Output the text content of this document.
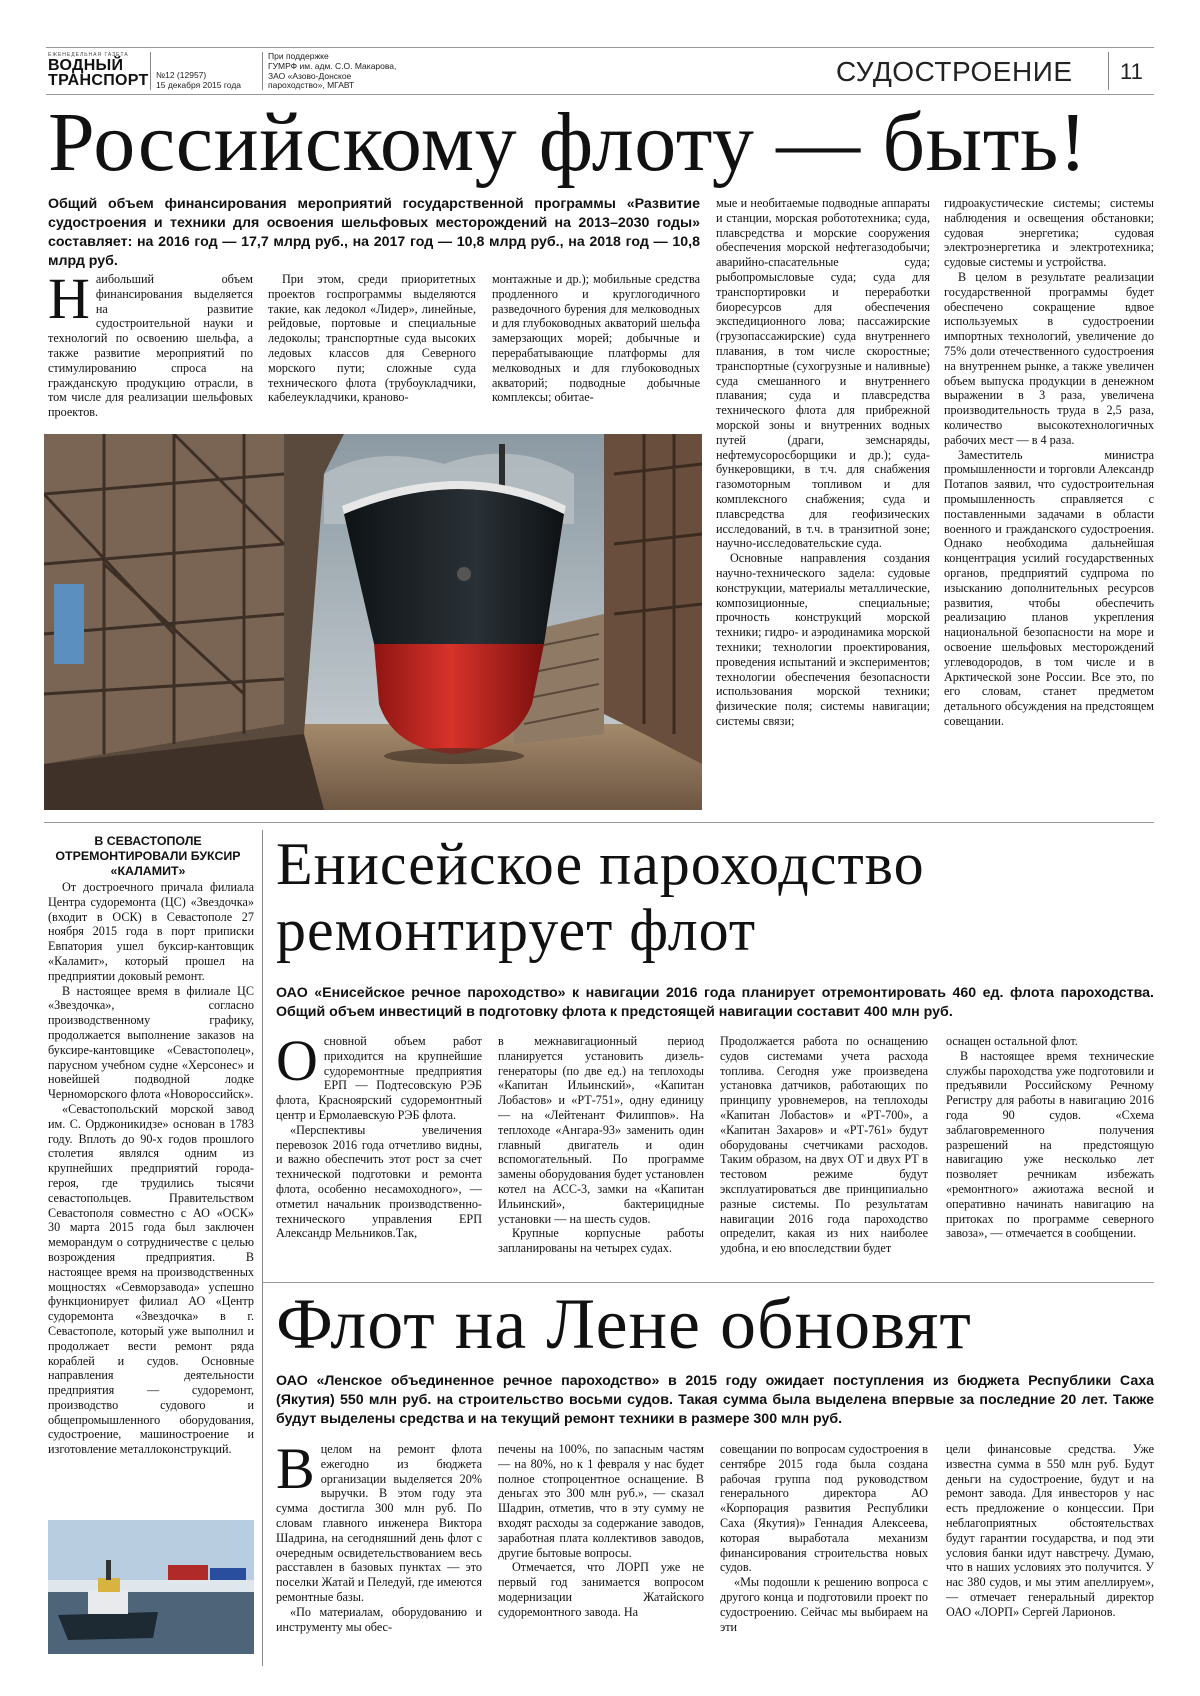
ЕЖЕНЕДЕЛЬНАЯ ГАЗЕТА
ВОДНЫЙ
ТРАНСПОРТ №12 (12957)
15 декабря 2015 года
При поддержке
ГУМРФ им. адм. С.О. Макарова,
ЗАО «Азово-Донское
пароходство», МГАВТ	СУДОСТРОЕНИЕ 11
Российскому флоту — быть!
Общий объем финансирования мероприятий государственной программы «Развитие судостроения и техники для освоения шельфовых месторождений на 2013–2030 годы» составляет: на 2016 год — 17,7 млрд руб., на 2017 год — 10,8 млрд руб., на 2018 год — 10,8 млрд руб.

Наибольший объем финансирования выделяется на развитие судостроительной науки и технологий по освоению шельфа, а также развитие мероприятий по стимулированию спроса на гражданскую продукцию отрасли, в том числе для реализации шельфовых проектов.

При этом, среди приоритетных проектов госпрограммы выделяются такие, как ледокол «Лидер», линейные, рейдовые, портовые и специальные ледоколы; транспортные суда высоких ледовых классов для Северного морского пути; сложные суда технического флота (трубоукладчики, кабелеукладчики, краново-

монтажные и др.); мобильные средства продленного и круглогодичного разведочного бурения для мелководных и для глубоководных акваторий шельфа замерзающих морей; добычные и перерабатывающие платформы для мелководных и для глубоководных акваторий; подводные добычные комплексы; обитае-

мые и необитаемые подводные аппараты и станции, морская робототехника; суда, плавсредства и морские сооружения обеспечения морской нефтегазодобычи; аварийно-спасательные суда; рыбопромысловые суда; суда для транспортировки и переработки биоресурсов для обеспечения экспедиционного лова; пассажирские (грузопассажирские) суда внутреннего плавания, в том числе скоростные; транспортные (сухогрузные и наливные) суда смешанного и внутреннего плавания; суда и плавсредства технического флота для прибрежной морской зоны и внутренних водных путей (драги, земснаряды, нефтемусоросборщики и др.); суда-бункеровщики, в т.ч. для снабжения газомоторным топливом и для комплексного снабжения; суда и плавсредства для геофизических исследований, в т.ч. в транзитной зоне; научно-исследовательские суда.

Основные направления создания научно-технического задела: судовые конструкции, материалы металлические, композиционные, специальные; прочность конструкций морской техники; гидро- и аэродинамика морской техники; технологии проектирования, проведения испытаний и экспериментов; технологии обеспечения безопасности использования морской техники; физические поля; системы навигации; системы связи;

гидроакустические системы; системы наблюдения и освещения обстановки; судовая энергетика; судовая электроэнергетика и электротехника; судовые системы и устройства.

В целом в результате реализации государственной программы будет обеспечено сокращение вдвое используемых в судостроении импортных технологий, увеличение до 75% доли отечественного судостроения на внутреннем рынке, а также увеличен объем выпуска продукции в денежном выражении в 3 раза, увеличена производительность труда в 2,5 раза, количество высокотехнологичных рабочих мест — в 4 раза.

Заместитель министра промышленности и торговли Александр Потапов заявил, что судостроительная промышленность справляется с поставленными задачами в области военного и гражданского судостроения. Однако необходима дальнейшая концентрация усилий государственных органов, предприятий судпрома по изысканию дополнительных ресурсов развития, чтобы обеспечить реализацию планов укрепления национальной безопасности на море и освоение шельфовых месторождений углеводородов, в том числе и в Арктической зоне России. Все это, по его словам, станет предметом детального обсуждения на предстоящем совещании.

В СЕВАСТОПОЛЕ ОТРЕМОНТИРОВАЛИ БУКСИР «КАЛАМИТ»

От достроечного причала филиала Центра судоремонта (ЦС) «Звездочка» (входит в ОСК) в Севастополе 27 ноября 2015 года в порт приписки Евпатория ушел буксир-кантовщик «Каламит», который прошел на предприятии доковый ремонт.

В настоящее время в филиале ЦС «Звездочка», согласно производственному графику, продолжается выполнение заказов на буксире-кантовщике «Севастополец», парусном учебном судне «Херсонес» и новейшей подводной лодке Черноморского флота «Новороссийск».

«Севастопольский морской завод им. С. Орджоникидзе» основан в 1783 году. Вплоть до 90-х годов прошлого столетия являлся одним из крупнейших предприятий города-героя, где трудились тысячи севастопольцев. Правительством Севастополя совместно с АО «ОСК» 30 марта 2015 года был заключен меморандум о сотрудничестве с целью возрождения предприятия. В настоящее время на производственных мощностях «Севморзавода» успешно функционирует филиал АО «Центр судоремонта «Звездочка» в г. Севастополе, который уже выполнил и продолжает вести ремонт ряда кораблей и судов. Основные направления деятельности предприятия — судоремонт, производство судового и общепромышленного оборудования, судостроение, машиностроение и изготовление металлоконструкций.

Енисейское пароходство
ремонтирует флот
ОАО «Енисейское речное пароходство» к навигации 2016 года планирует отремонтировать 460 ед. флота пароходства. Общий объем инвестиций в подготовку флота к предстоящей навигации составит 400 млн руб.

Основной объем работ приходится на крупнейшие судоремонтные предприятия ЕРП — Подтесовскую РЭБ флота, Красноярский судоремонтный центр и Ермолаевскую РЭБ флота.

«Перспективы увеличения перевозок 2016 года отчетливо видны, и важно обеспечить этот рост за счет технической подготовки и ремонта флота, особенно несамоходного», — отметил начальник производственно-технического управления ЕРП Александр Мельников.Так,

в межнавигационный период планируется установить дизель-генераторы (по две ед.) на теплоходы «Капитан Ильинский», «Капитан Лобастов» и «РТ-751», одну единицу — на «Лейтенант Филиппов». На теплоходе «Ангара-93» заменить один главный двигатель и один вспомогательный. По программе замены оборудования будет установлен котел на АСС-3, замки на «Капитан Ильинский», бактерицидные установки — на шесть судов.

Крупные корпусные работы запланированы на четырех судах.

Продолжается работа по оснащению судов системами учета расхода топлива. Сегодня уже произведена установка датчиков, работающих по принципу уровнемеров, на теплоходы «Капитан Лобастов» и «РТ-700», а «Капитан Захаров» и «РТ-761» будут оборудованы счетчиками расходов. Таким образом, на двух ОТ и двух РТ в тестовом режиме будут эксплуатироваться две принципиально разные системы. По результатам навигации 2016 года пароходство определит, какая из них наиболее удобна, и ею впоследствии будет

оснащен остальной флот.

В настоящее время технические службы пароходства уже подготовили и предъявили Российскому Речному Регистру для работы в навигацию 2016 года 90 судов. «Схема заблаговременного получения разрешений на предстоящую навигацию уже несколько лет позволяет речникам избежать «ремонтного» ажиотажа весной и оперативно начинать навигацию на притоках по программе северного завоза», — отмечается в сообщении.

Флот на Лене обновят
ОАО «Ленское объединенное речное пароходство» в 2015 году ожидает поступления из бюджета Республики Саха (Якутия) 550 млн руб. на строительство восьми судов. Такая сумма была выделена впервые за последние 20 лет. Также будут выделены средства и на текущий ремонт техники в размере 300 млн руб.

Вцелом на ремонт флота ежегодно из бюджета организации выделяется 20% выручки. В этом году эта сумма достигла 300 млн руб. По словам главного инженера Виктора Шадрина, на сегодняшний день флот с очередным освидетельствованием весь расставлен в базовых пунктах — это поселки Жатай и Пеледуй, где имеются ремонтные базы.

«По материалам, оборудованию и инструменту мы обес-

печены на 100%, по запасным частям — на 80%, но к 1 февраля у нас будет полное стопроцентное оснащение. В деньгах это 300 млн руб.», — сказал Шадрин, отметив, что в эту сумму не входят расходы за содержание заводов, заработная плата коллективов заводов, другие бытовые вопросы.

Отмечается, что ЛОРП уже не первый год занимается вопросом модернизации Жатайского судоремонтного завода. На

совещании по вопросам судостроения в сентябре 2015 года была создана рабочая группа под руководством генерального директора АО «Корпорация развития Республики Саха (Якутия)» Геннадия Алексеева, которая выработала механизм финансирования строительства новых судов.

«Мы подошли к решению вопроса с другого конца и подготовили проект по судостроению. Сейчас мы выбираем на эти

цели финансовые средства. Уже известна сумма в 550 млн руб. Будут деньги на судостроение, будут и на ремонт завода. Для инвесторов у нас есть предложение о концессии. При неблагоприятных обстоятельствах будут гарантии государства, и под эти условия банки идут навстречу. Думаю, что в наших условиях это получится. У нас 380 судов, и мы этим апеллируем», — отмечает генеральный директор ОАО «ЛОРП» Сергей Ларионов.
